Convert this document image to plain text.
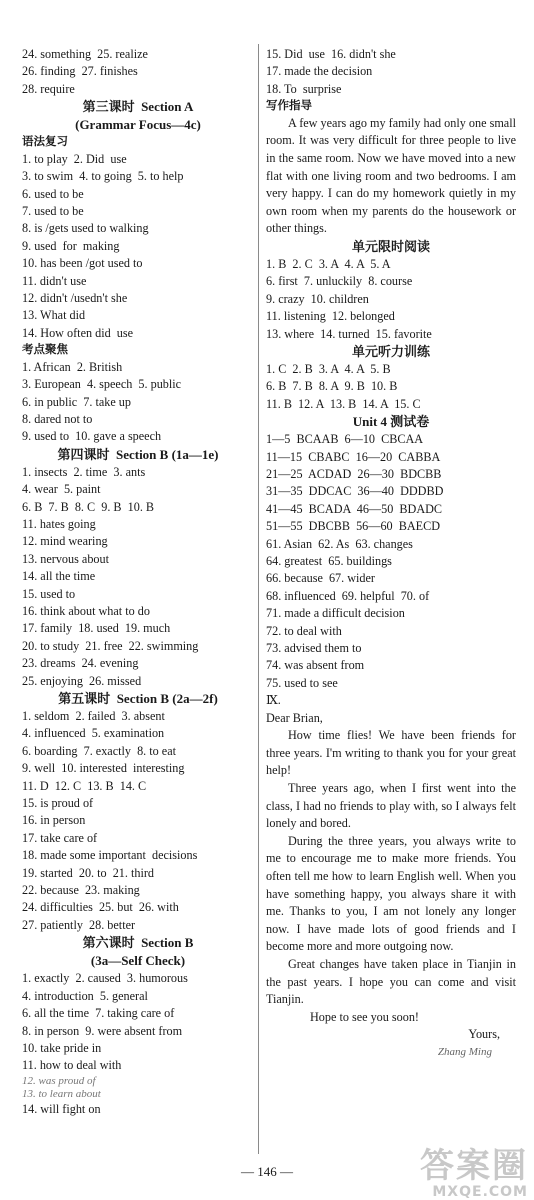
24. something  25. realize
26. finding  27. finishes
28. require
第三课时  Section A
(Grammar Focus—4c)
语法复习
1. to play  2. Did  use
3. to swim  4. to going  5. to help
6. used to be
7. used to be
8. is /gets used to walking
9. used  for  making
10. has been /got used to
11. didn't use
12. didn't /usedn't she
13. What did
14. How often did  use
考点聚焦
1. African  2. British
3. European  4. speech  5. public
6. in public  7. take up
8. dared not to
9. used to  10. gave a speech
第四课时  Section B (1a—1e)
1. insects  2. time  3. ants
4. wear  5. paint
6. B  7. B  8. C  9. B  10. B
11. hates going
12. mind wearing
13. nervous about
14. all the time
15. used to
16. think about what to do
17. family  18. used  19. much
20. to study  21. free  22. swimming
23. dreams  24. evening
25. enjoying  26. missed
第五课时  Section B (2a—2f)
1. seldom  2. failed  3. absent
4. influenced  5. examination
6. boarding  7. exactly  8. to eat
9. well  10. interested  interesting
11. D  12. C  13. B  14. C
15. is proud of
16. in person
17. take care of
18. made some important  decisions
19. started  20. to  21. third
22. because  23. making
24. difficulties  25. but  26. with
27. patiently  28. better
第六课时  Section B
(3a—Self Check)
1. exactly  2. caused  3. humorous
4. introduction  5. general
6. all the time  7. taking care of
8. in person  9. were absent from
10. take pride in
11. how to deal with
12. was proud of
13. to learn about
14. will fight on
15. Did  use  16. didn't she
17. made the decision
18. To  surprise
写作指导
A few years ago my family had only one small room. It was very difficult for three people to live in the same room. Now we have moved into a new flat with one living room and two bedrooms. I am very happy. I can do my homework quietly in my own room when my parents do the housework or other things.
单元限时阅读
1. B  2. C  3. A  4. A  5. A
6. first  7. unluckily  8. course
9. crazy  10. children
11. listening  12. belonged
13. where  14. turned  15. favorite
单元听力训练
1. C  2. B  3. A  4. A  5. B
6. B  7. B  8. A  9. B  10. B
11. B  12. A  13. B  14. A  15. C
Unit 4 测试卷
1—5  BCAAB  6—10  CBCAA
11—15  CBABC  16—20  CABBA
21—25  ACDAD  26—30  BDCBB
31—35  DDCAC  36—40  DDDBD
41—45  BCADA  46—50  BDADC
51—55  DBCBB  56—60  BAECD
61. Asian  62. As  63. changes
64. greatest  65. buildings
66. because  67. wider
68. influenced  69. helpful  70. of
71. made a difficult decision
72. to deal with
73. advised them to
74. was absent from
75. used to see
Ⅸ.
Dear Brian,
How time flies! We have been friends for three years. I'm writing to thank you for your great help!
Three years ago, when I first went into the class, I had no friends to play with, so I always felt lonely and bored.
During the three years, you always write to me to encourage me to make more friends. You often tell me how to learn English well. When you have something happy, you always share it with me. Thanks to you, I am not lonely any longer now. I have made lots of good friends and I become more and more outgoing now.
Great changes have taken place in Tianjin in the past years. I hope you can come and visit Tianjin.
Hope to see you soon!
Yours,
Zhang Ming
— 146 —	答案圈
MXQE.COM
